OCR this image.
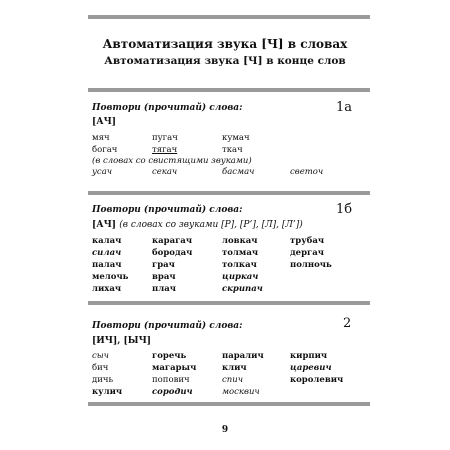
Автоматизация звука [Ч] в словах
Автоматизация звука [Ч] в конце слов
Повтори (прочитай) слова:	1а
[АЧ]
мяч	пугач	кумач
богач	тягач	ткач
(в словах со свистящими звуками)
усач	секач	басмач	светоч
Повтори (прочитай) слова:	1б
[АЧ] (в словах со звуками [Р], [Р’], [Л], [Л’])
калач	карагач	ловкач	трубач
силач	бородач	толмач	дергач
палач	грач	толкач	полночь
мелочь	врач	циркач
лихач	плач	скрипач
Повтори (прочитай) слова:	2
[ИЧ], [ЫЧ]
сыч	горечь	паралич	кирпич
бич	магарыч	клич	царевич
дичь	попович	спич	королевич
кулич	сородич	москвич
9
